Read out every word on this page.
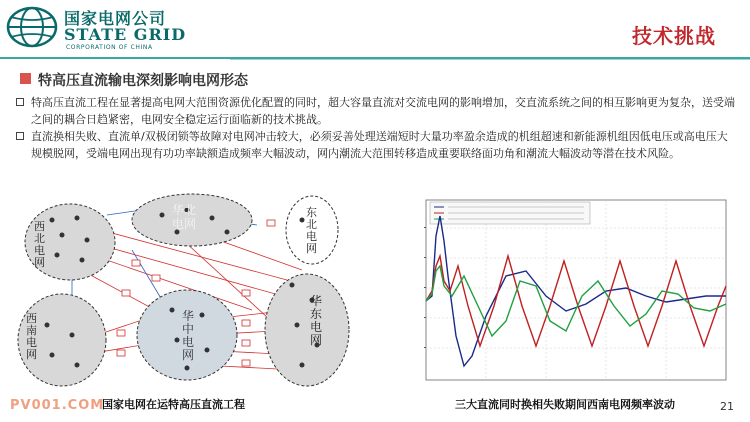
国家电网公司
STATE GRID
CORPORATION OF CHINA	技术挑战
特高压直流输电深刻影响电网形态
特高压直流工程在显著提高电网大范围资源优化配置的同时，超大容量直流对交流电网的影响增加，交直流系统之间的相互影响更为复杂，送受端之间的耦合日趋紧密，电网安全稳定运行面临新的技术挑战。
直流换相失败、直流单/双极闭锁等故障对电网冲击较大，必须妥善处理送端短时大量功率盈余造成的机组超速和新能源机组因低电压或高电压大规模脱网，受端电网出现有功功率缺额造成频率大幅波动，网内潮流大范围转移造成重要联络面功角和潮流大幅波动等潜在技术风险。
西北电网
华北电网
东北电网
华中电网
华东电网
西南电网
国家电网在运特高压直流工程	三大直流同时换相失败期间西南电网频率波动
PV001.COM	21
